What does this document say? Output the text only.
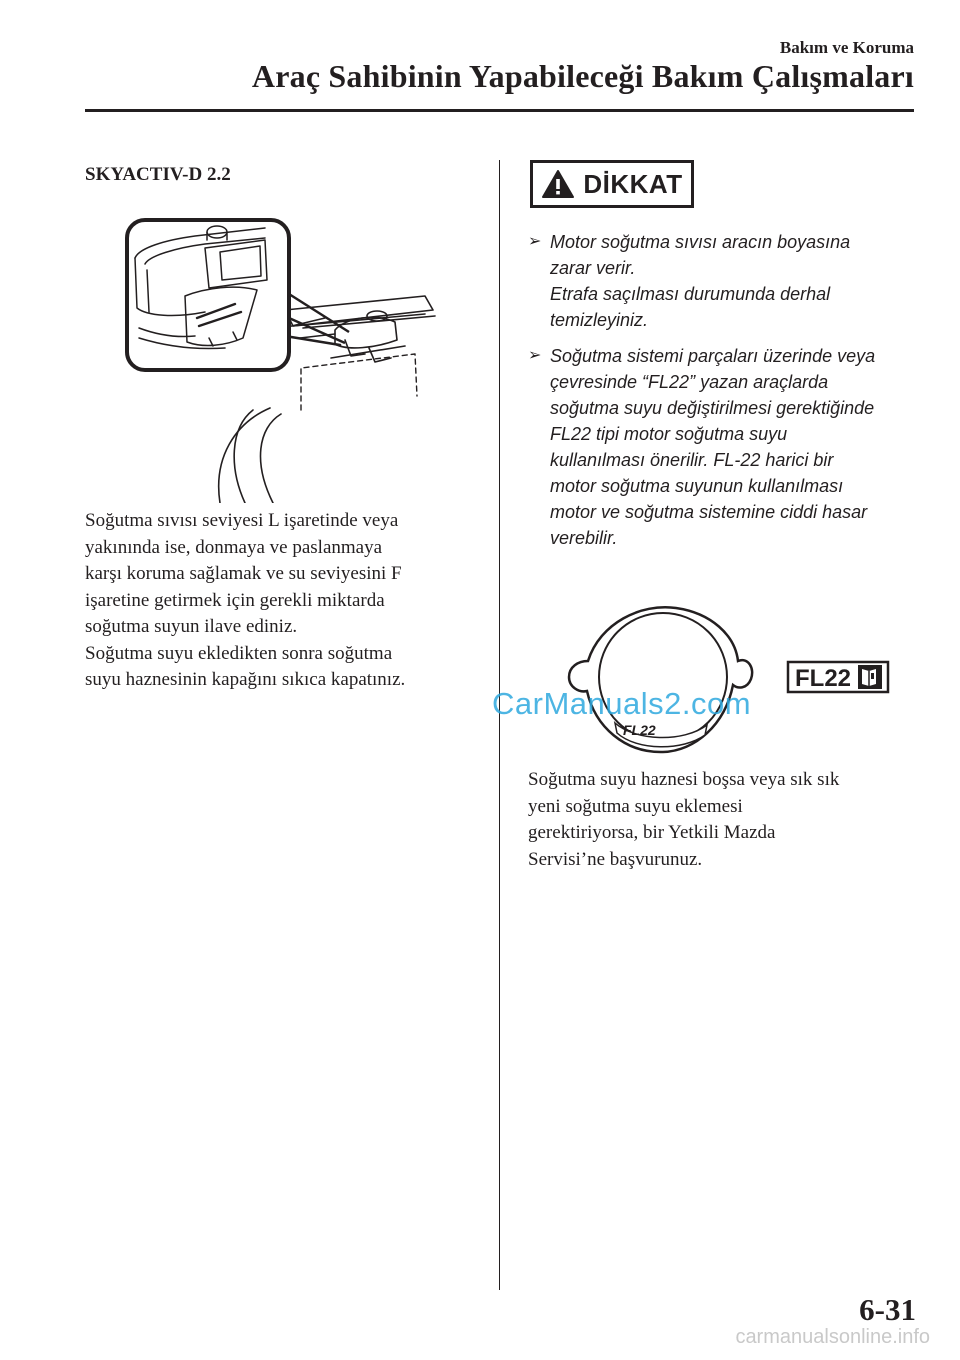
Bakım ve Koruma
Araç Sahibinin Yapabileceği Bakım Çalışmaları
SKYACTIV-D 2.2
Soğutma sıvısı seviyesi L işaretinde veya
yakınında ise, donmaya ve paslanmaya
karşı koruma sağlamak ve su seviyesini F
işaretine getirmek için gerekli miktarda
soğutma suyun ilave ediniz.
Soğutma suyu ekledikten sonra soğutma
suyu haznesinin kapağını sıkıca kapatınız.
DİKKAT
➢ Motor soğutma sıvısı aracın boyasına
zarar verir.
Etrafa saçılması durumunda derhal
temizleyiniz.
➢ Soğutma sistemi parçaları üzerinde veya
çevresinde “FL22” yazan araçlarda
soğutma suyu değiştirilmesi gerektiğinde
FL22 tipi motor soğutma suyu
kullanılması önerilir. FL-22 harici bir
motor soğutma suyunun kullanılması
motor ve soğutma sistemine ciddi hasar
verebilir.
FL22
FL22
CarManuals2.com
Soğutma suyu haznesi boşsa veya sık sık
yeni soğutma suyu eklemesi
gerektiriyorsa, bir Yetkili Mazda
Servisi’ne başvurunuz.
6-31
carmanualsonline.info
